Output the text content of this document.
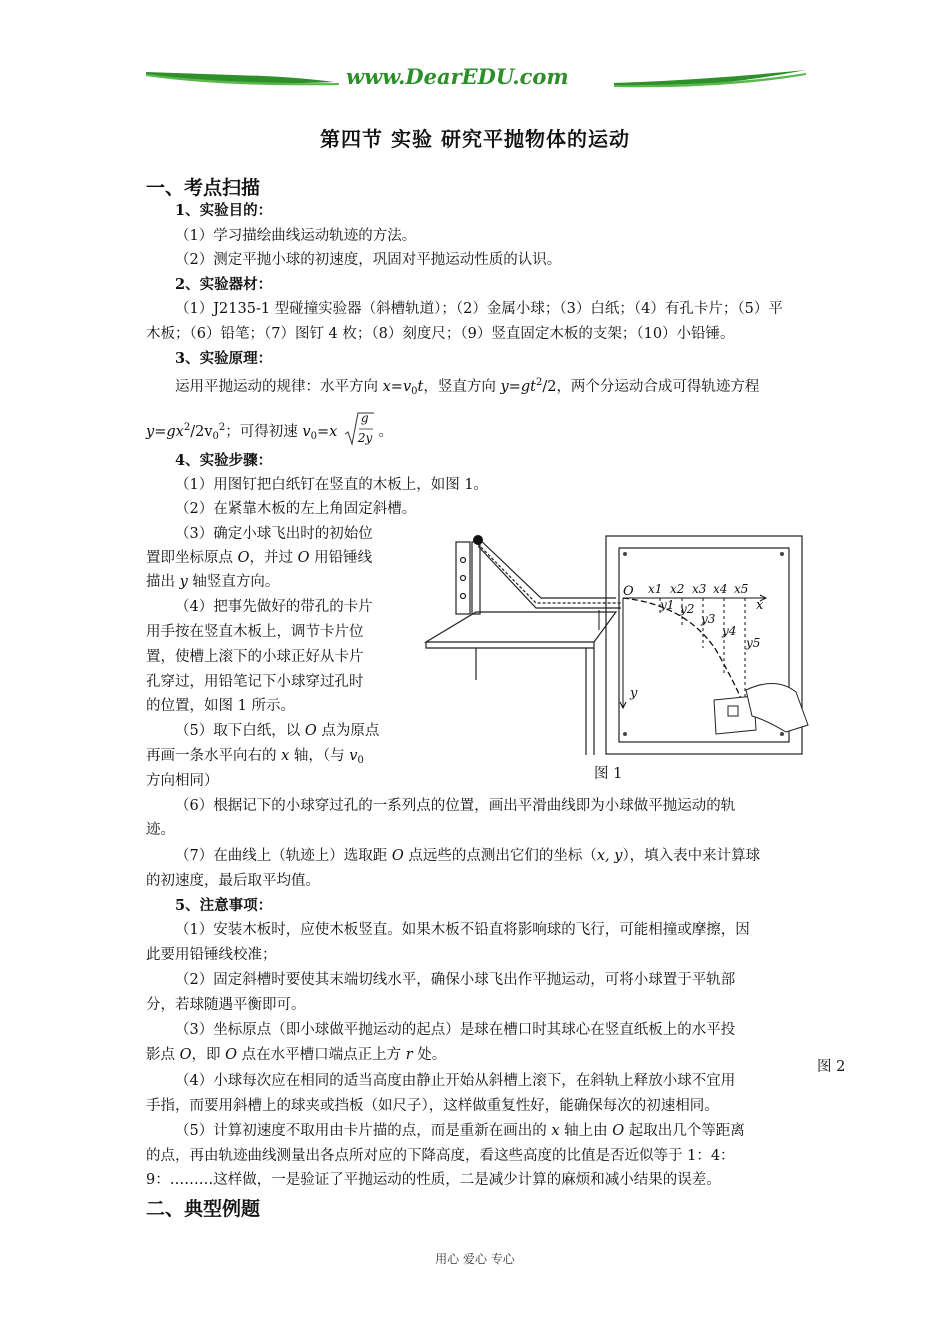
www.DearEDU.com
第四节 实验 研究平抛物体的运动
一、考点扫描
1、实验目的：
（1）学习描绘曲线运动轨迹的方法。
（2）测定平抛小球的初速度，巩固对平抛运动性质的认识。
2、实验器材：
（1）J2135-1 型碰撞实验器（斜槽轨道）；（2）金属小球；（3）白纸；（4）有孔卡片；（5）平
木板；（6）铅笔；（7）图钉 4 枚；（8）刻度尺；（9）竖直固定木板的支架；（10）小铅锤。
3、实验原理：
运用平抛运动的规律：水平方向 $x=v_0t$，竖直方向 $y=gt^2/2$，两个分运动合成可得轨迹方程
$y=gx^2/2v_0^2$；可得初速 $v_0=x$
g
2y 。
4、实验步骤：
（1）用图钉把白纸钉在竖直的木板上，如图 1。
（2）在紧靠木板的左上角固定斜槽。
（3）确定小球飞出时的初始位
置即坐标原点 O，并过 O 用铅锤线
描出 y 轴竖直方向。
（4）把事先做好的带孔的卡片
用手按在竖直木板上，调节卡片位
置，使槽上滚下的小球正好从卡片
孔穿过，用铅笔记下小球穿过孔时
的位置，如图 1 所示。
（5）取下白纸，以 O 点为原点
再画一条水平向右的 x 轴，（与 $v_0$
方向相同）
O
x
y
x1 x2 x3 x4 x5
y1 y2
y3
y4
y5
图 1
（6）根据记下的小球穿过孔的一系列点的位置，画出平滑曲线即为小球做平抛运动的轨
迹。
（7）在曲线上（轨迹上）选取距 O 点远些的点测出它们的坐标（x, y），填入表中来计算球
的初速度，最后取平均值。
5、注意事项：
（1）安装木板时，应使木板竖直。如果木板不铅直将影响球的飞行，可能相撞或摩擦，因
此要用铅锤线校准；
（2）固定斜槽时要使其末端切线水平，确保小球飞出作平抛运动，可将小球置于平轨部
分，若球随遇平衡即可。
（3）坐标原点（即小球做平抛运动的起点）是球在槽口时其球心在竖直纸板上的水平投
影点 O，即 O 点在水平槽口端点正上方 r 处。
图 2
（4）小球每次应在相同的适当高度由静止开始从斜槽上滚下，在斜轨上释放小球不宜用
手指，而要用斜槽上的球夹或挡板（如尺子），这样做重复性好，能确保每次的初速相同。
（5）计算初速度不取用由卡片描的点，而是重新在画出的 x 轴上由 O 起取出几个等距离
的点，再由轨迹曲线测量出各点所对应的下降高度，看这些高度的比值是否近似等于 1：4：
9：………这样做，一是验证了平抛运动的性质，二是减少计算的麻烦和减小结果的误差。
二、典型例题
用心 爱心 专心
